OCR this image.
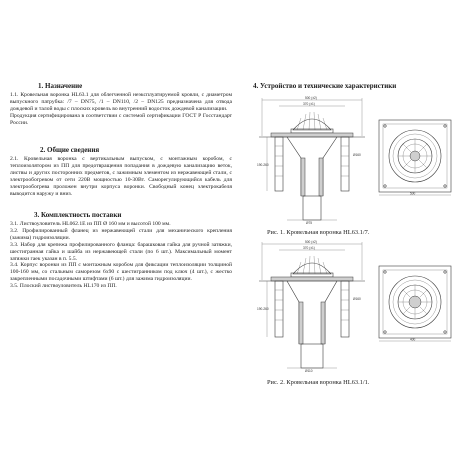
1. Назначение
1.1. Кровельная воронка HL63.1 для облегченной неэксплуатируемой кровли, с диаметром выпускного патрубка: /7 – DN75, /1 – DN110, /2 – DN125 предназначена для отвода дождевой и талой воды с плоских кровель во внутренний водосток дождевой канализации.
Продукция сертифицирована в соответствии с системой сертификации ГОСТ Р Госстандарт России.
2. Общие сведения
2.1. Кровельная воронка с вертикальным выпуском, с монтажным коробом, с теплоизолятором из ПП для предотвращения попадания в дождевую канализацию веток, листвы и других посторонних предметов, с зажимным элементом из нержавеющей стали, с электрообогревом от сети 220В мощностью 10-30Вт. Саморегулирующийся кабель для электрообогрева проложен внутри корпуса воронки. Свободный конец электрокабеля выводится наружу и вниз.
3. Комплектность поставки
3.1. Листвоуловитель HL062.1Е из ПП Ø 160 мм и высотой 100 мм.
3.2. Профилированный фланец из нержавеющей стали для механического крепления (зажима) гидроизоляции.
3.3. Набор для крепежа профилированного фланца: барашковая гайка для ручной затяжки, шестигранная гайка и шайба из нержавеющей стали (по 6 шт.). Максимальный момент затяжки гаек указан в п. 5.5.
3.4. Корпус воронки из ПП с монтажным коробом для фиксации теплоизоляции толщиной 100-160 мм, со стальным саморезом 6х90 с шестигранником под ключ (4 шт.), с жестко закрепленными посадочными штифтами (6 шт.) для зажима гидроизоляции.
3.5. Плоский листвоуловитель HL170 из ПП.
4. Устройство и технические характеристики
500 (±2)
370 (±1)
Ø75
190-260
Ø160
500
Рис. 1. Кровельная воронка HL63.1/7.
500 (±2)
370 (±1)
Ø110
190-260
Ø160
400
Рис. 2. Кровельная воронка HL63.1/1.
